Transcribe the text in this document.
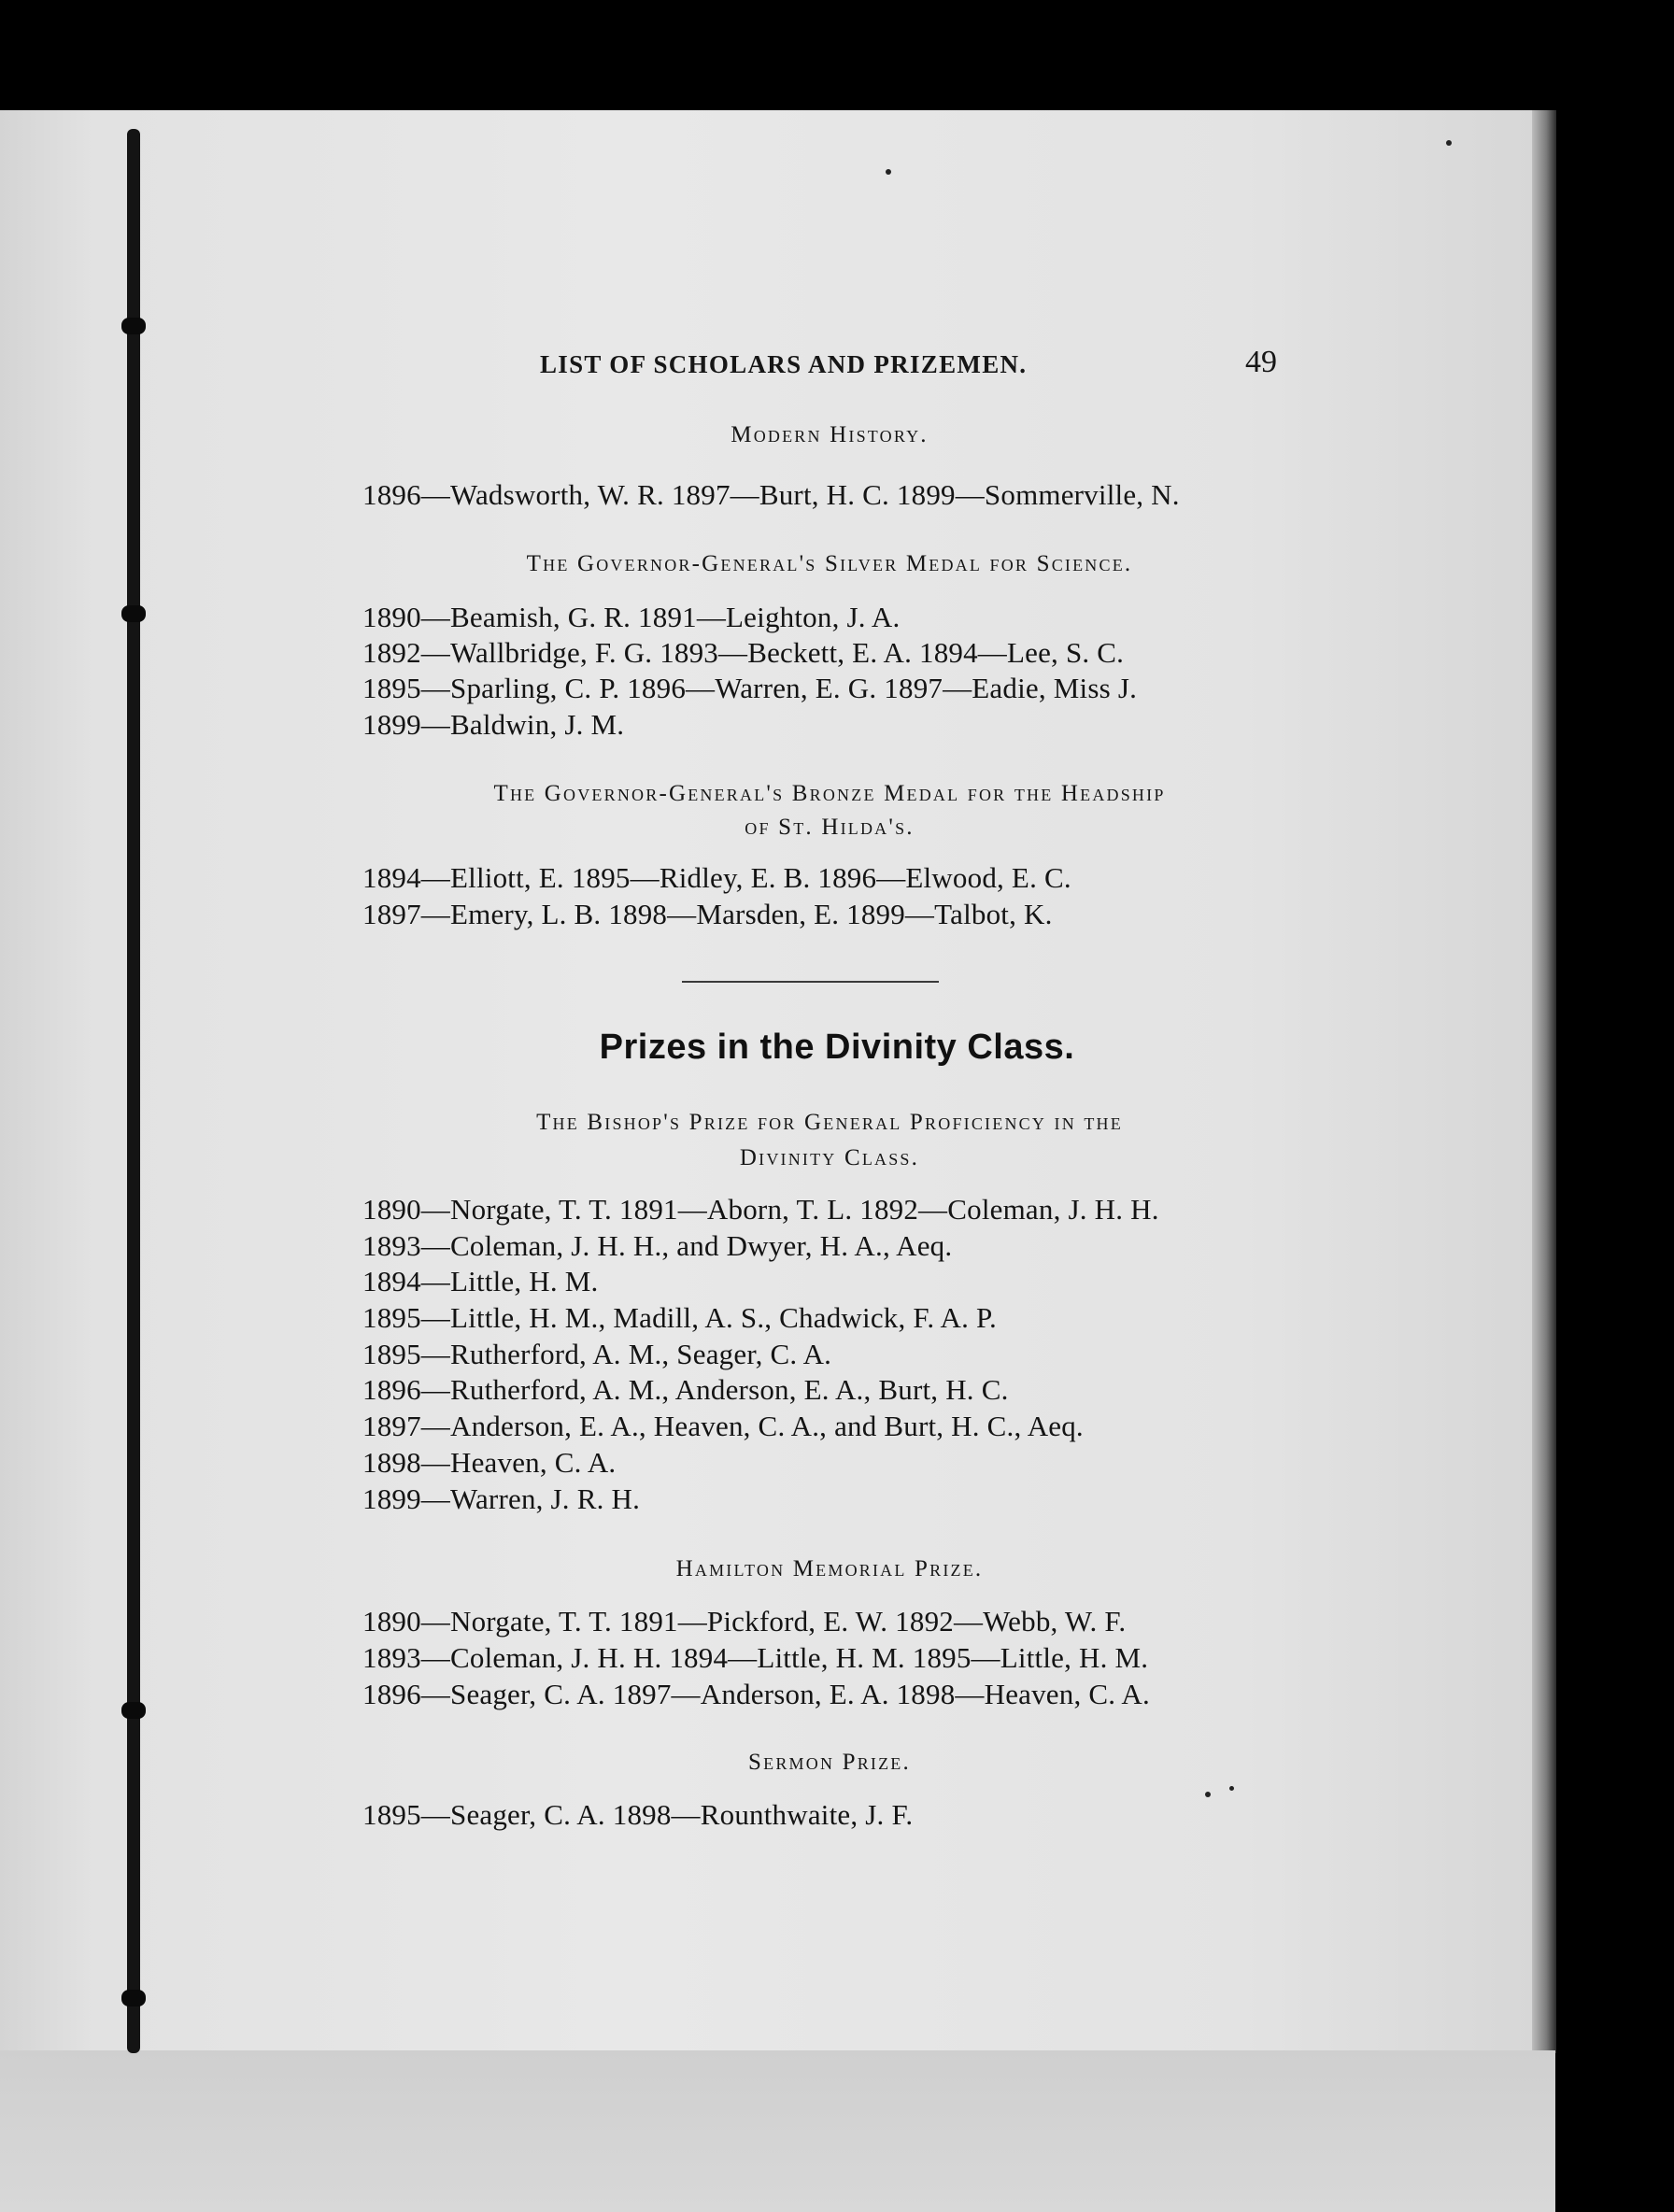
LIST OF SCHOLARS AND PRIZEMEN.	49
Modern History.
1896—Wadsworth, W. R. 1897—Burt, H. C. 1899—Sommerville, N.
The Governor-General's Silver Medal for Science.
1890—Beamish, G. R. 1891—Leighton, J. A.
1892—Wallbridge, F. G. 1893—Beckett, E. A. 1894—Lee, S. C.
1895—Sparling, C. P. 1896—Warren, E. G. 1897—Eadie, Miss J.
1899—Baldwin, J. M.
The Governor-General's Bronze Medal for the Headship
of St. Hilda's.
1894—Elliott, E. 1895—Ridley, E. B. 1896—Elwood, E. C.
1897—Emery, L. B. 1898—Marsden, E. 1899—Talbot, K.
Prizes in the Divinity Class.
The Bishop's Prize for General Proficiency in the
Divinity Class.
1890—Norgate, T. T. 1891—Aborn, T. L. 1892—Coleman, J. H. H.
1893—Coleman, J. H. H., and Dwyer, H. A., Aeq.
1894—Little, H. M.
1895—Little, H. M., Madill, A. S., Chadwick, F. A. P.
1895—Rutherford, A. M., Seager, C. A.
1896—Rutherford, A. M., Anderson, E. A., Burt, H. C.
1897—Anderson, E. A., Heaven, C. A., and Burt, H. C., Aeq.
1898—Heaven, C. A.
1899—Warren, J. R. H.
Hamilton Memorial Prize.
1890—Norgate, T. T. 1891—Pickford, E. W. 1892—Webb, W. F.
1893—Coleman, J. H. H. 1894—Little, H. M. 1895—Little, H. M.
1896—Seager, C. A. 1897—Anderson, E. A. 1898—Heaven, C. A.
Sermon Prize.
1895—Seager, C. A. 1898—Rounthwaite, J. F.
